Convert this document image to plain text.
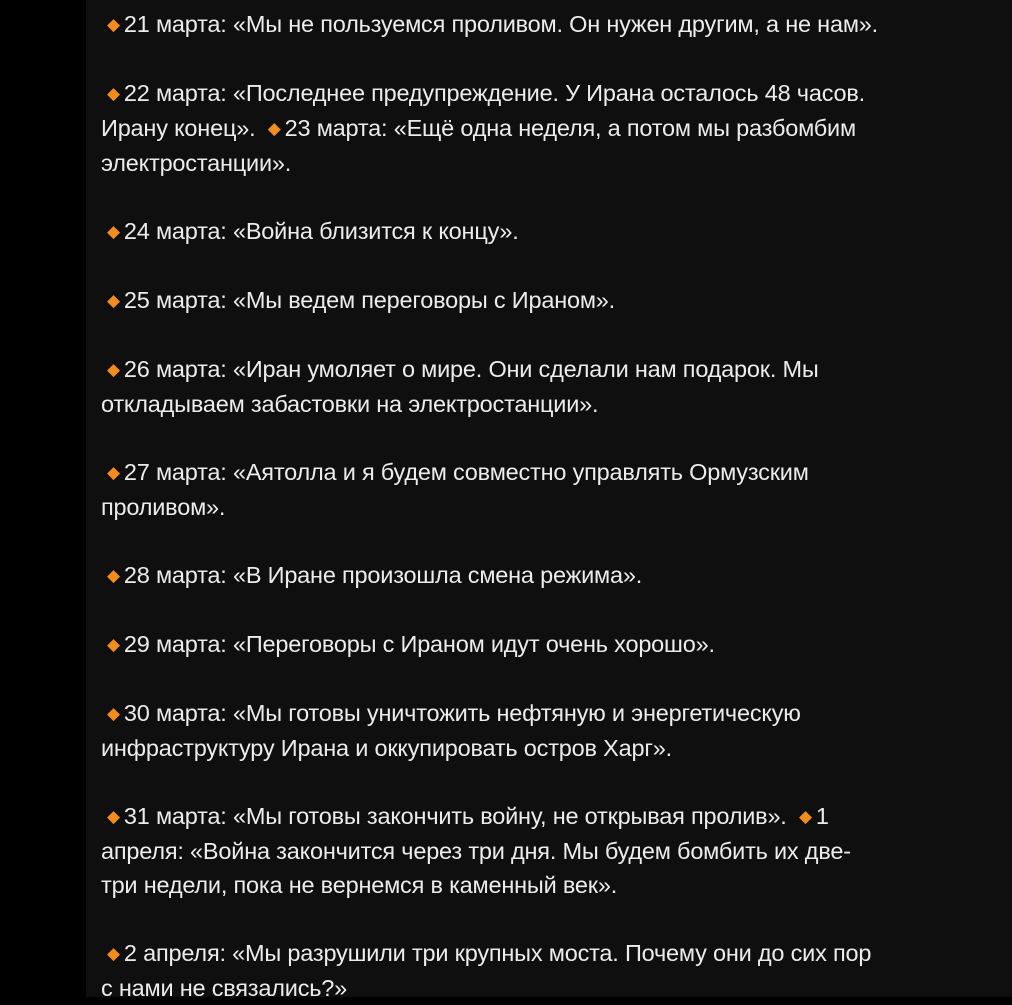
◆ 21 марта: «Мы не пользуемся проливом. Он нужен другим, а не нам».
◆ 22 марта: «Последнее предупреждение. У Ирана осталось 48 часов.
Ирану конец». ◆ 23 марта: «Ещё одна неделя, а потом мы разбомбим
электростанции».
◆ 24 марта: «Война близится к концу».
◆ 25 марта: «Мы ведем переговоры с Ираном».
◆ 26 марта: «Иран умоляет о мире. Они сделали нам подарок. Мы
откладываем забастовки на электростанции».
◆ 27 марта: «Аятолла и я будем совместно управлять Ормузским
проливом».
◆ 28 марта: «В Иране произошла смена режима».
◆ 29 марта: «Переговоры с Ираном идут очень хорошо».
◆ 30 марта: «Мы готовы уничтожить нефтяную и энергетическую
инфраструктуру Ирана и оккупировать остров Харг».
◆ 31 марта: «Мы готовы закончить войну, не открывая пролив». ◆ 1
апреля: «Война закончится через три дня. Мы будем бомбить их две-
три недели, пока не вернемся в каменный век».
◆ 2 апреля: «Мы разрушили три крупных моста. Почему они до сих пор
с нами не связались?»
